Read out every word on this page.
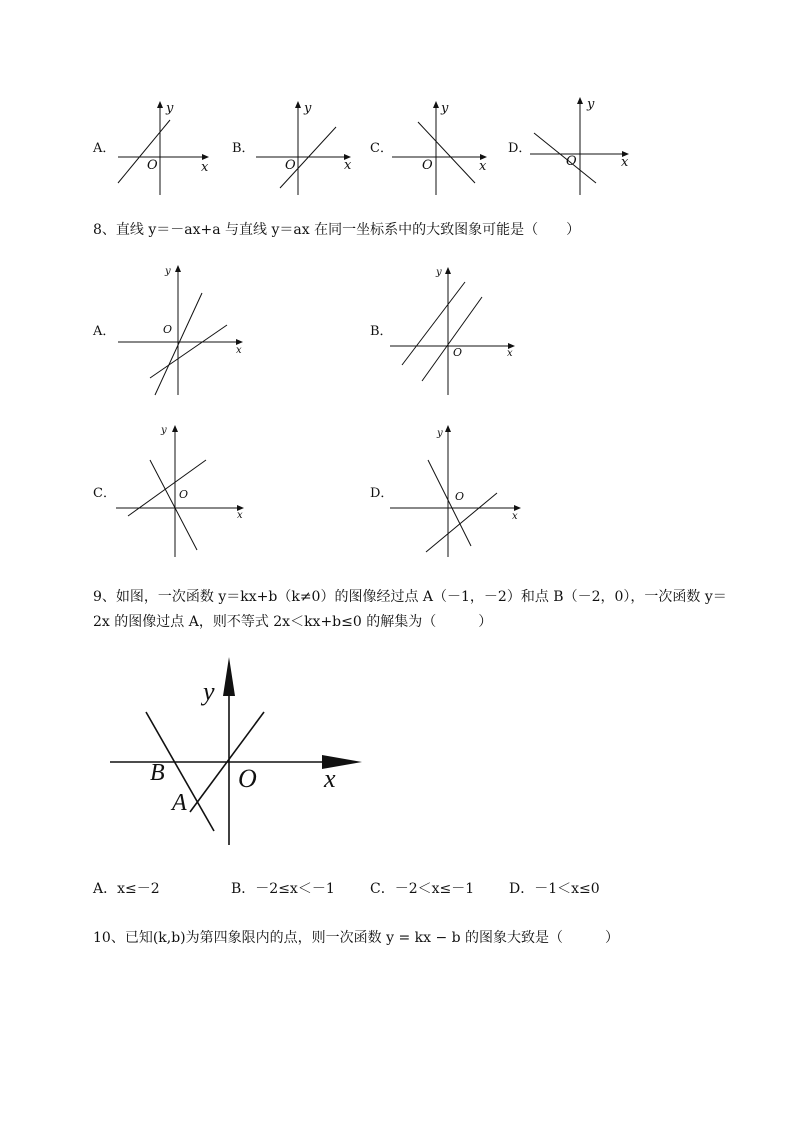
A．	B．	C．	D．
y
O	x
y
O	x
y
O	x
y
O	x
8、直线 y＝－ax+a 与直线 y＝ax 在同一坐标系中的大致图象可能是（　　）
A．	B．
C．	D．
y
O
x
y
O	x
y
O
x
y
O
x
9、如图，一次函数 y＝kx+b（k≠0）的图像经过点 A（－1，－2）和点 B（－2，0），一次函数 y＝
2x 的图像过点 A，则不等式 2x＜kx+b≤0 的解集为（　　　）
y
B	O	x
A
A．x≤－2	B．－2≤x＜－1	C．－2＜x≤－1 D．－1＜x≤0
10、已知(k,b)为第四象限内的点，则一次函数 y = kx − b 的图象大致是（　　　）
